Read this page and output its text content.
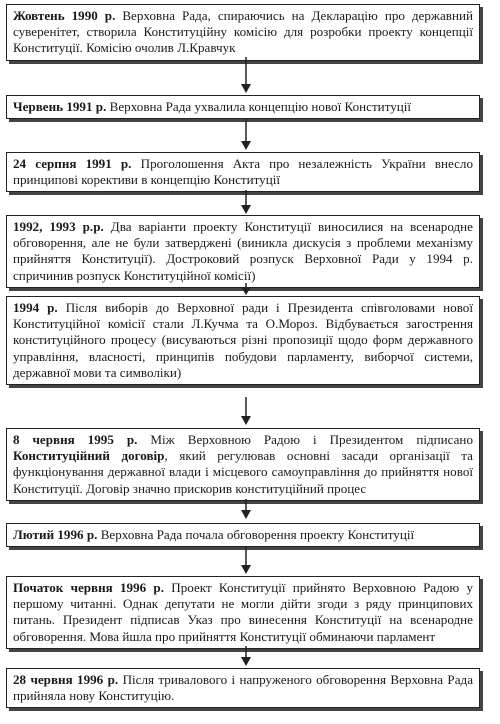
Жовтень 1990 р. Верховна Рада, спираючись на Декларацію про державний суверенітет, створила Конституційну комісію для розробки проекту концепції Конституції. Комісію очолив Л.Кравчук
Червень 1991 р. Верховна Рада ухвалила концепцію нової Конституції
24 серпня 1991 р. Проголошення Акта про незалежність України внесло принципові корективи в концепцію Конституції
1992, 1993 р.р. Два варіанти проекту Конституції виносилися на всенародне обговорення, але не були затверджені (виникла дискусія з проблеми механізму прийняття Конституції). Достроковий розпуск Верховної Ради у 1994 р. спричинив розпуск Конституційної комісії)
1994 р. Після виборів до Верховної ради і Президента співголовами нової Конституційної комісії стали Л.Кучма та О.Мороз. Відбувається загострення конституційного процесу (висуваються різні пропозиції щодо форм державного управління, власності, принципів побудови парламенту, виборчої системи, державної мови та символіки)
8 червня 1995 р. Між Верховною Радою і Президентом підписано Конституційний договір, який регулював основні засади організації та функціонування державної влади і місцевого самоуправління до прийняття нової Конституції. Договір значно прискорив конституційний процес
Лютий 1996 р. Верховна Рада почала обговорення проекту Конституції
Початок червня 1996 р. Проект Конституції прийнято Верховною Радою у першому читанні. Однак депутати не могли дійти згоди з ряду принципових питань. Президент підписав Указ про винесення Конституції на всенародне обговорення. Мова йшла про прийняття Конституції обминаючи парламент
28 червня 1996 р. Після тривалового і напруженого обговорення Верховна Рада прийняла нову Конституцію.
